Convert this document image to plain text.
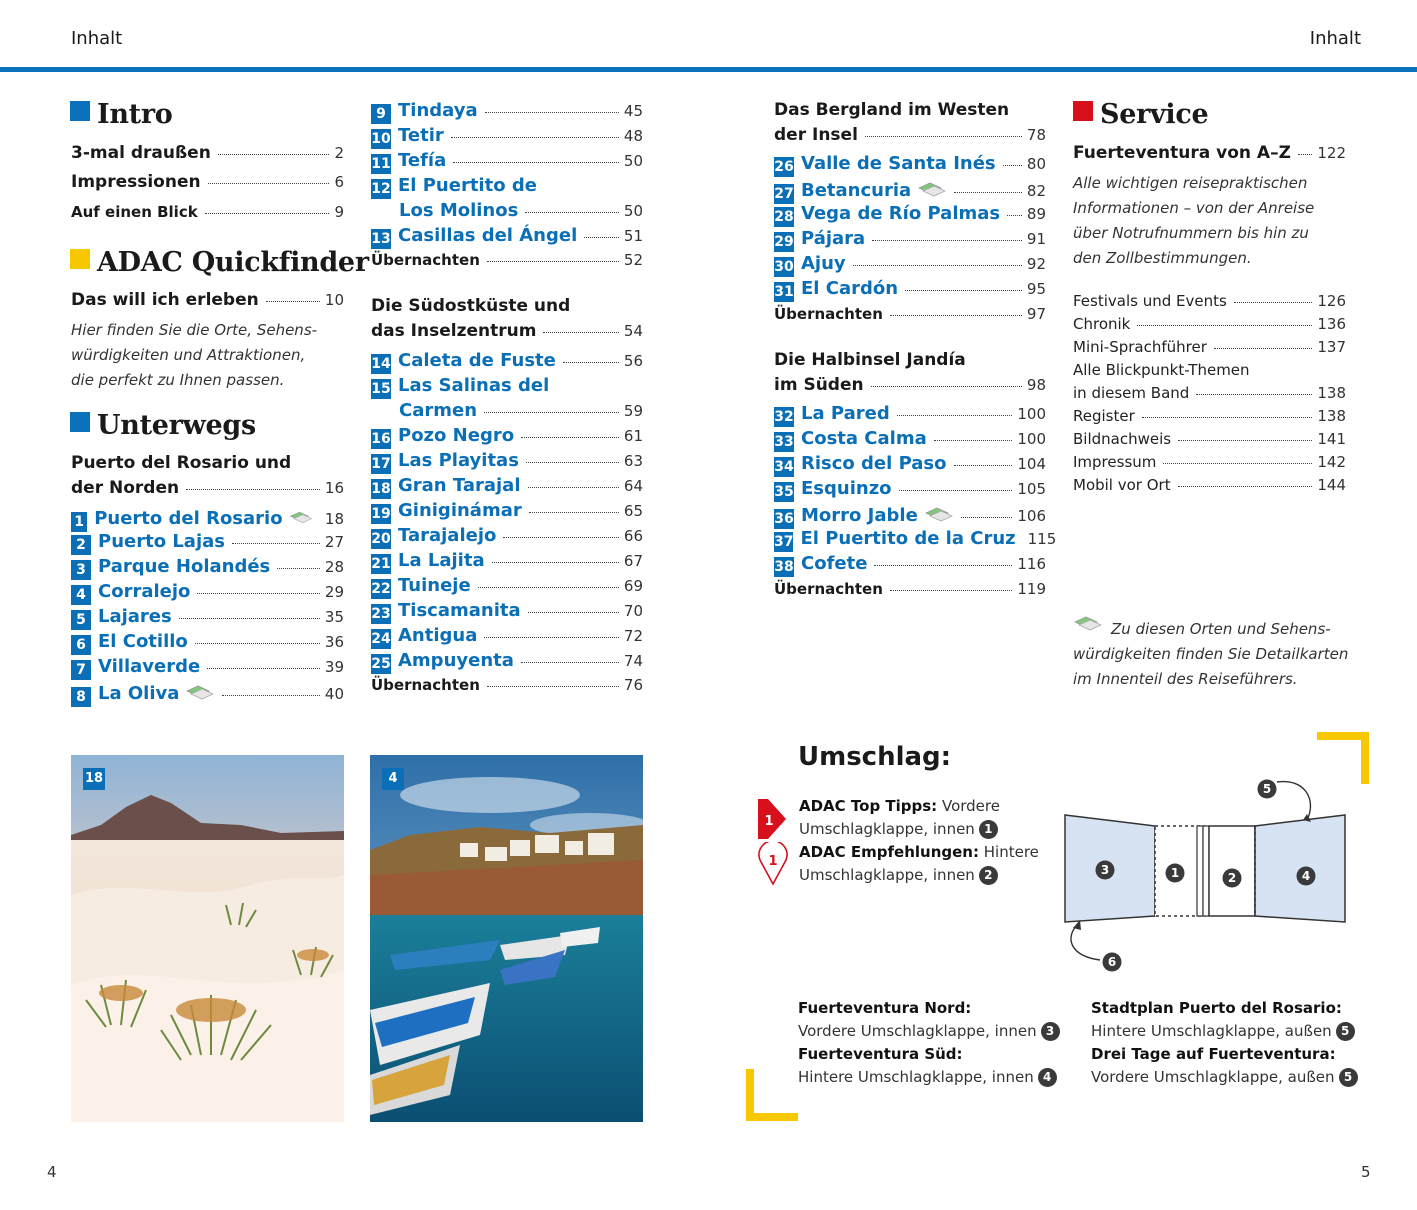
Inhalt	Inhalt
Intro
3-mal draußen	2
Impressionen	6
Auf einen Blick	9
ADAC Quickfinder
Das will ich erleben	10
Hier finden Sie die Orte, Sehens-
würdigkeiten und Attraktionen,
die perfekt zu Ihnen passen.
Unterwegs
Puerto del Rosario und
der Norden	16
1 Puerto del Rosario	18
2 Puerto Lajas	27
3 Parque Holandés	28
4 Corralejo	29
5 Lajares	35
6 El Cotillo	36
7 Villaverde	39
8 La Oliva	40
9 Tindaya	45
10 Tetir	48
11 Tefía	50
12 El Puertito de
Los Molinos	50
13 Casillas del Ángel	51
Übernachten	52
Die Südostküste und
das Inselzentrum	54
14 Caleta de Fuste	56
15 Las Salinas del
Carmen	59
16 Pozo Negro	61
17 Las Playitas	63
18 Gran Tarajal	64
19 Giniginámar	65
20 Tarajalejo	66
21 La Lajita	67
22 Tuineje	69
23 Tiscamanita	70
24 Antigua	72
25 Ampuyenta	74
Übernachten	76
Das Bergland im Westen
der Insel	78
26 Valle de Santa Inés 80
27 Betancuria	82
28 Vega de Río Palmas 89
29 Pájara	91
30 Ajuy	92
31 El Cardón	95
Übernachten	97
Die Halbinsel Jandía
im Süden	98
32 La Pared	100
33 Costa Calma	100
34 Risco del Paso	104
35 Esquinzo	105
36 Morro Jable	106
37 El Puertito de la Cruz 115
38 Cofete	116
Übernachten	119
Service
Fuerteventura von A–Z 122
Alle wichtigen reisepraktischen
Informationen – von der Anreise
über Notrufnummern bis hin zu
den Zollbestimmungen.
Festivals und Events	126
Chronik	136
Mini-Sprachführer	137
Alle Blickpunkt-Themen
in diesem Band	138
Register	138
Bildnachweis	141
Impressum	142
Mobil vor Ort	144
Zu diesen Orten und Sehens-
würdigkeiten finden Sie Detailkarten
im Innenteil des Reiseführers.
18	4
Umschlag:
1
ADAC Top Tipps: Vordere
Umschlagklappe, innen 1
1
ADAC Empfehlungen: Hintere
Umschlagklappe, innen 2	3	1	2	4
5
6
Fuerteventura Nord:
Vordere Umschlagklappe, innen 3
Fuerteventura Süd:
Hintere Umschlagklappe, innen 4
Stadtplan Puerto del Rosario:
Hintere Umschlagklappe, außen 5
Drei Tage auf Fuerteventura:
Vordere Umschlagklappe, außen 5
4	5
